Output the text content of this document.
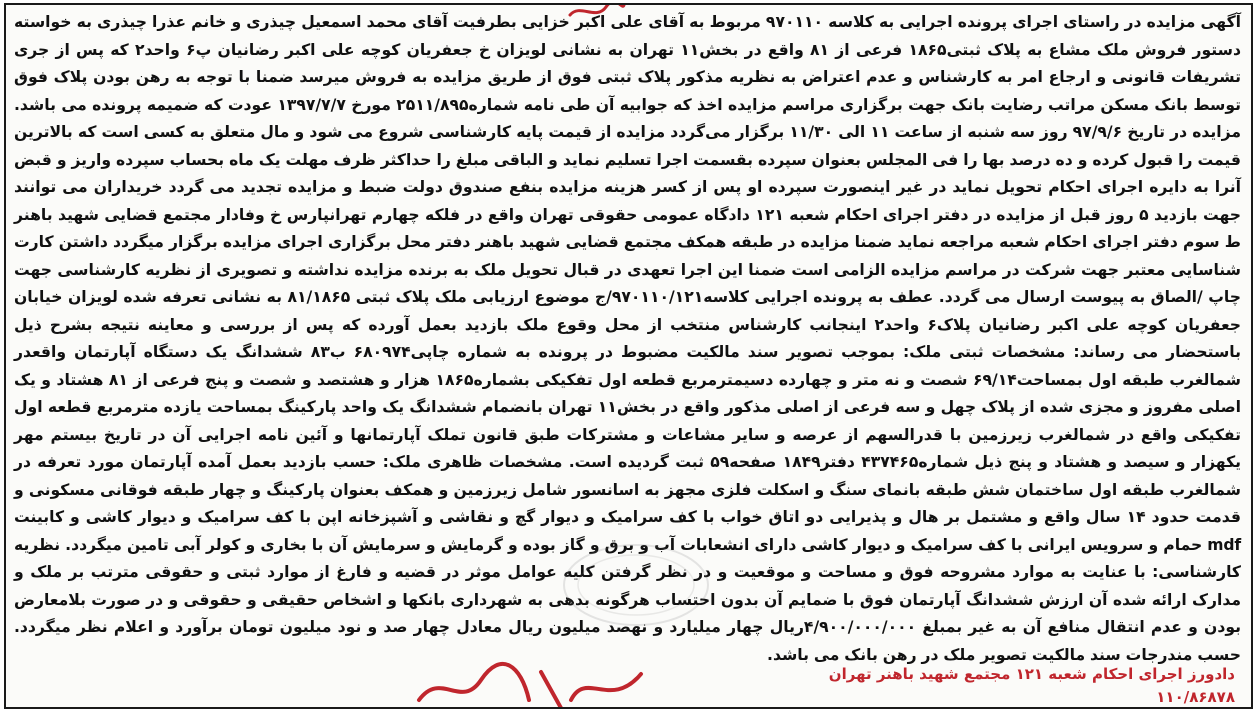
آگهی مزایده در راستای اجرای پرونده اجرایی به کلاسه ۹۷۰۱۱۰ مربوط به آقای علی اکبر خزایی بطرفیت آقای محمد اسمعیل چیذری و خانم عذرا چیذری به خواسته دستور فروش ملک مشاع به پلاک ثبتی۱۸۶۵ فرعی از ۸۱ واقع در بخش۱۱ تهران به نشانی لویزان خ جعفریان کوچه علی اکبر رضانیان پ۶ واحد۲ که پس از جری تشریفات قانونی و ارجاع امر به کارشناس و عدم اعتراض به نظریه مذکور پلاک ثبتی فوق از طریق مزایده به فروش میرسد ضمنا با توجه به رهن بودن پلاک فوق توسط بانک مسکن مراتب رضایت بانک جهت برگزاری مراسم مزایده اخذ که جوابیه آن طی نامه شماره۲۵۱۱/۸۹۵ مورخ ۱۳۹۷/۷/۷ عودت که ضمیمه پرونده می باشد. مزایده در تاریخ ۹۷/۹/۶ روز سه شنبه از ساعت ۱۱ الی ۱۱/۳۰ برگزار می‌گردد مزایده از قیمت پایه کارشناسی شروع می شود و مال متعلق به کسی است که بالاترین قیمت را قبول کرده و ده درصد بها را فی المجلس بعنوان سپرده بقسمت اجرا تسلیم نماید و الباقی مبلغ را حداکثر ظرف مهلت یک ماه بحساب سپرده واریز و قبض آنرا به دایره اجرای احکام تحویل نماید در غیر اینصورت سپرده او پس از کسر هزینه مزایده بنفع صندوق دولت ضبط و مزایده تجدید می گردد خریداران می توانند جهت بازدید ۵ روز قبل از مزایده در دفتر اجرای احکام شعبه ۱۲۱ دادگاه عمومی حقوقی تهران واقع در فلکه چهارم تهرانپارس خ وفادار مجتمع قضایی شهید باهنر ط سوم دفتر اجرای احکام شعبه مراجعه نماید ضمنا مزایده در طبقه همکف مجتمع قضایی شهید باهنر دفتر محل برگزاری اجرای مزایده برگزار میگردد داشتن کارت شناسایی معتبر جهت شرکت در مراسم مزایده الزامی است ضمنا این اجرا تعهدی در قبال تحویل ملک به برنده مزایده نداشته و تصویری از نظریه کارشناسی جهت چاپ /الصاق به پیوست ارسال می گردد. عطف به پرونده اجرایی کلاسه۹۷۰۱۱۰/۱۲۱/ج موضوع ارزیابی ملک پلاک ثبتی ۸۱/۱۸۶۵ به نشانی تعرفه شده لویزان خیابان جعفریان کوچه علی اکبر رضانیان پلاک۶ واحد۲ اینجانب کارشناس منتخب از محل وقوع ملک بازدید بعمل آورده که پس از بررسی و معاینه نتیجه بشرح ذیل باستحضار می رساند: مشخصات ثبتی ملک: بموجب تصویر سند مالکیت مضبوط در پرونده به شماره چاپی۶۸۰۹۷۴ ب۸۳ ششدانگ یک دستگاه آپارتمان واقعدر شمالغرب طبقه اول بمساحت۶۹/۱۴ شصت و نه متر و چهارده دسیمترمربع قطعه اول تفکیکی بشماره۱۸۶۵ هزار و هشتصد و شصت و پنج فرعی از ۸۱ هشتاد و یک اصلی مفروز و مجزی شده از پلاک چهل و سه فرعی از اصلی مذکور واقع در بخش۱۱ تهران بانضمام ششدانگ یک واحد پارکینگ بمساحت یازده مترمربع قطعه اول تفکیکی واقع در شمالغرب زیرزمین با قدرالسهم از عرصه و سایر مشاعات و مشترکات طبق قانون تملک آپارتمانها و آئین نامه اجرایی آن در تاریخ بیستم مهر یکهزار و سیصد و هشتاد و پنج ذیل شماره۴۳۷۴۶۵ دفتر۱۸۴۹ صفحه۵۹ ثبت گردیده است. مشخصات ظاهری ملک: حسب بازدید بعمل آمده آپارتمان مورد تعرفه در شمالغرب طبقه اول ساختمان شش طبقه بانمای سنگ و اسکلت فلزی مجهز به اسانسور شامل زیرزمین و همکف بعنوان پارکینگ و چهار طبقه فوقانی مسکونی و قدمت حدود ۱۴ سال واقع و مشتمل بر هال و پذیرایی دو اتاق خواب با کف سرامیک و دیوار گچ و نقاشی و آشپزخانه اپن با کف سرامیک و دیوار کاشی و کابینت mdf حمام و سرویس ایرانی با کف سرامیک و دیوار کاشی دارای انشعابات آب و برق و گاز بوده و گرمایش و سرمایش آن با بخاری و کولر آبی تامین میگردد. نظریه کارشناسی: با عنایت به موارد مشروحه فوق و مساحت و موقعیت و در نظر گرفتن کلیه عوامل موثر در قضیه و فارغ از موارد ثبتی و حقوقی مترتب بر ملک و مدارک ارائه شده آن ارزش ششدانگ آپارتمان فوق با ضمایم آن بدون احتساب هرگونه بدهی به شهرداری بانکها و اشخاص حقیقی و حقوقی و در صورت بلامعارض بودن و عدم انتقال منافع آن به غیر بمبلغ ۴/۹۰۰/۰۰۰/۰۰۰ریال چهار میلیارد و نهصد میلیون ریال معادل چهار صد و نود میلیون تومان برآورد و اعلام نظر میگردد. حسب مندرجات سند مالکیت تصویر ملک در رهن بانک می باشد.

دادورز اجرای احکام شعبه ۱۲۱ مجتمع شهید باهنر تهران
۱۱۰/۸۶۸۷۸
